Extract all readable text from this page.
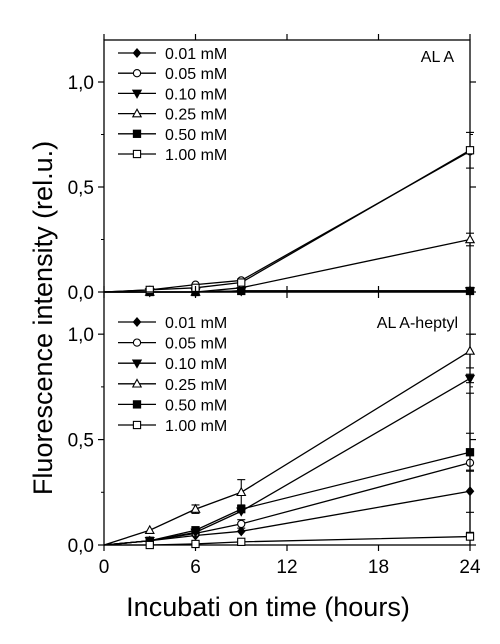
Fluorescence intensity (rel.u.)
Incubati on time (hours)
0,0
0,5
1,0
AL A
0.01 mM
0.05 mM
0.10 mM
0.25 mM
0.50 mM
1.00 mM
0,0
0,5
1,0
0	6	12	18	24
AL A-heptyl
0.01 mM
0.05 mM
0.10 mM
0.25 mM
0.50 mM
1.00 mM
